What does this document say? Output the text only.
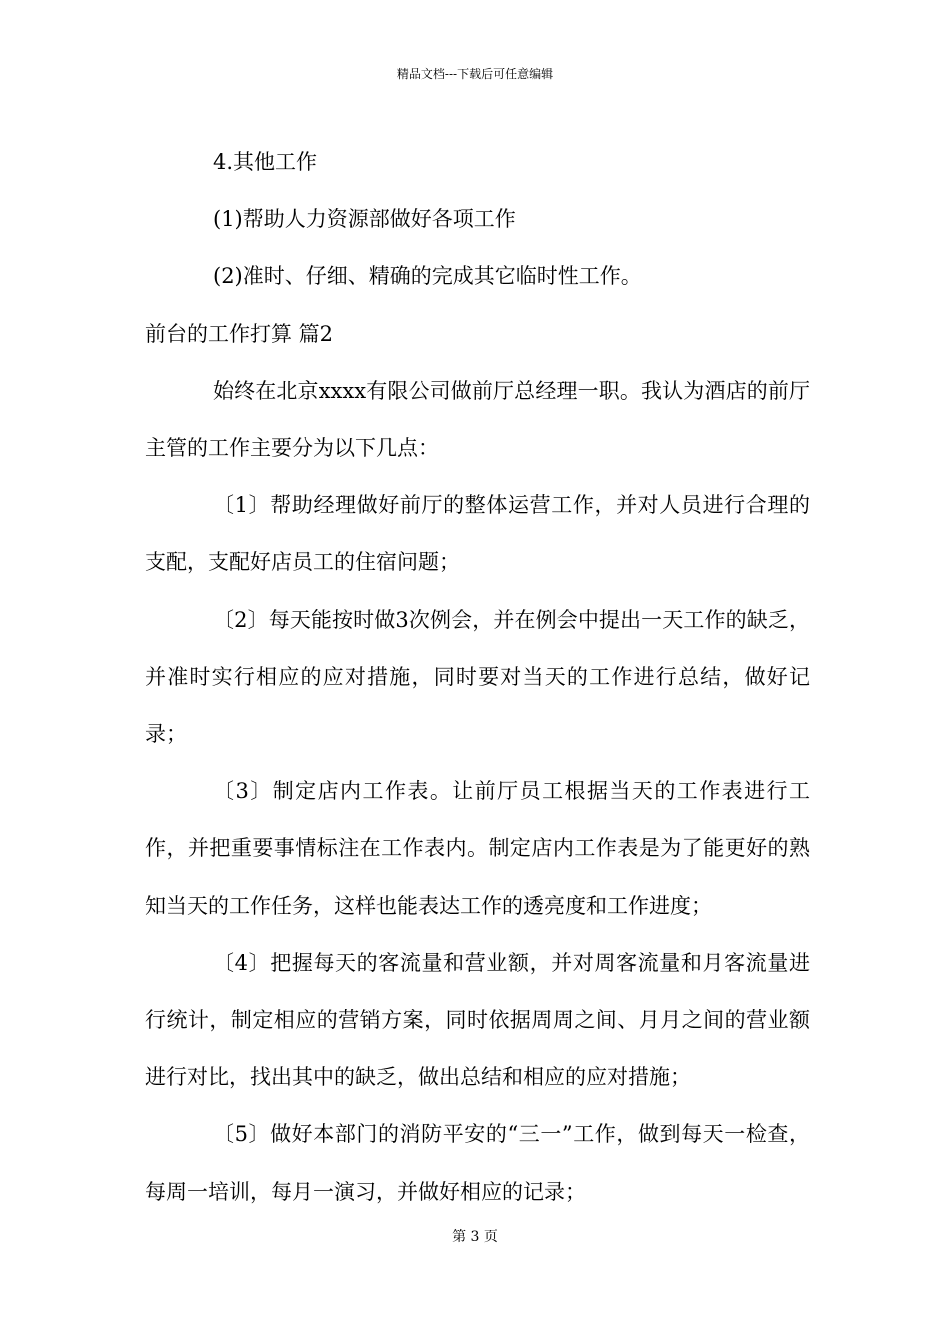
精品文档---下载后可任意编辑

4.其他工作

(1)帮助人力资源部做好各项工作

(2)准时、仔细、精确的完成其它临时性工作。

前台的工作打算 篇2

始终在北京xxxx有限公司做前厅总经理一职。我认为酒店的前厅主管的工作主要分为以下几点：

〔1〕帮助经理做好前厅的整体运营工作，并对人员进行合理的支配，支配好店员工的住宿问题；

〔2〕每天能按时做3次例会，并在例会中提出一天工作的缺乏，并准时实行相应的应对措施，同时要对当天的工作进行总结，做好记录；

〔3〕制定店内工作表。让前厅员工根据当天的工作表进行工作，并把重要事情标注在工作表内。制定店内工作表是为了能更好的熟知当天的工作任务，这样也能表达工作的透亮度和工作进度；

〔4〕把握每天的客流量和营业额，并对周客流量和月客流量进行统计，制定相应的营销方案，同时依据周周之间、月月之间的营业额进行对比，找出其中的缺乏，做出总结和相应的应对措施；

〔5〕做好本部门的消防平安的“三一”工作，做到每天一检查，每周一培训，每月一演习，并做好相应的记录；

第 3 页
